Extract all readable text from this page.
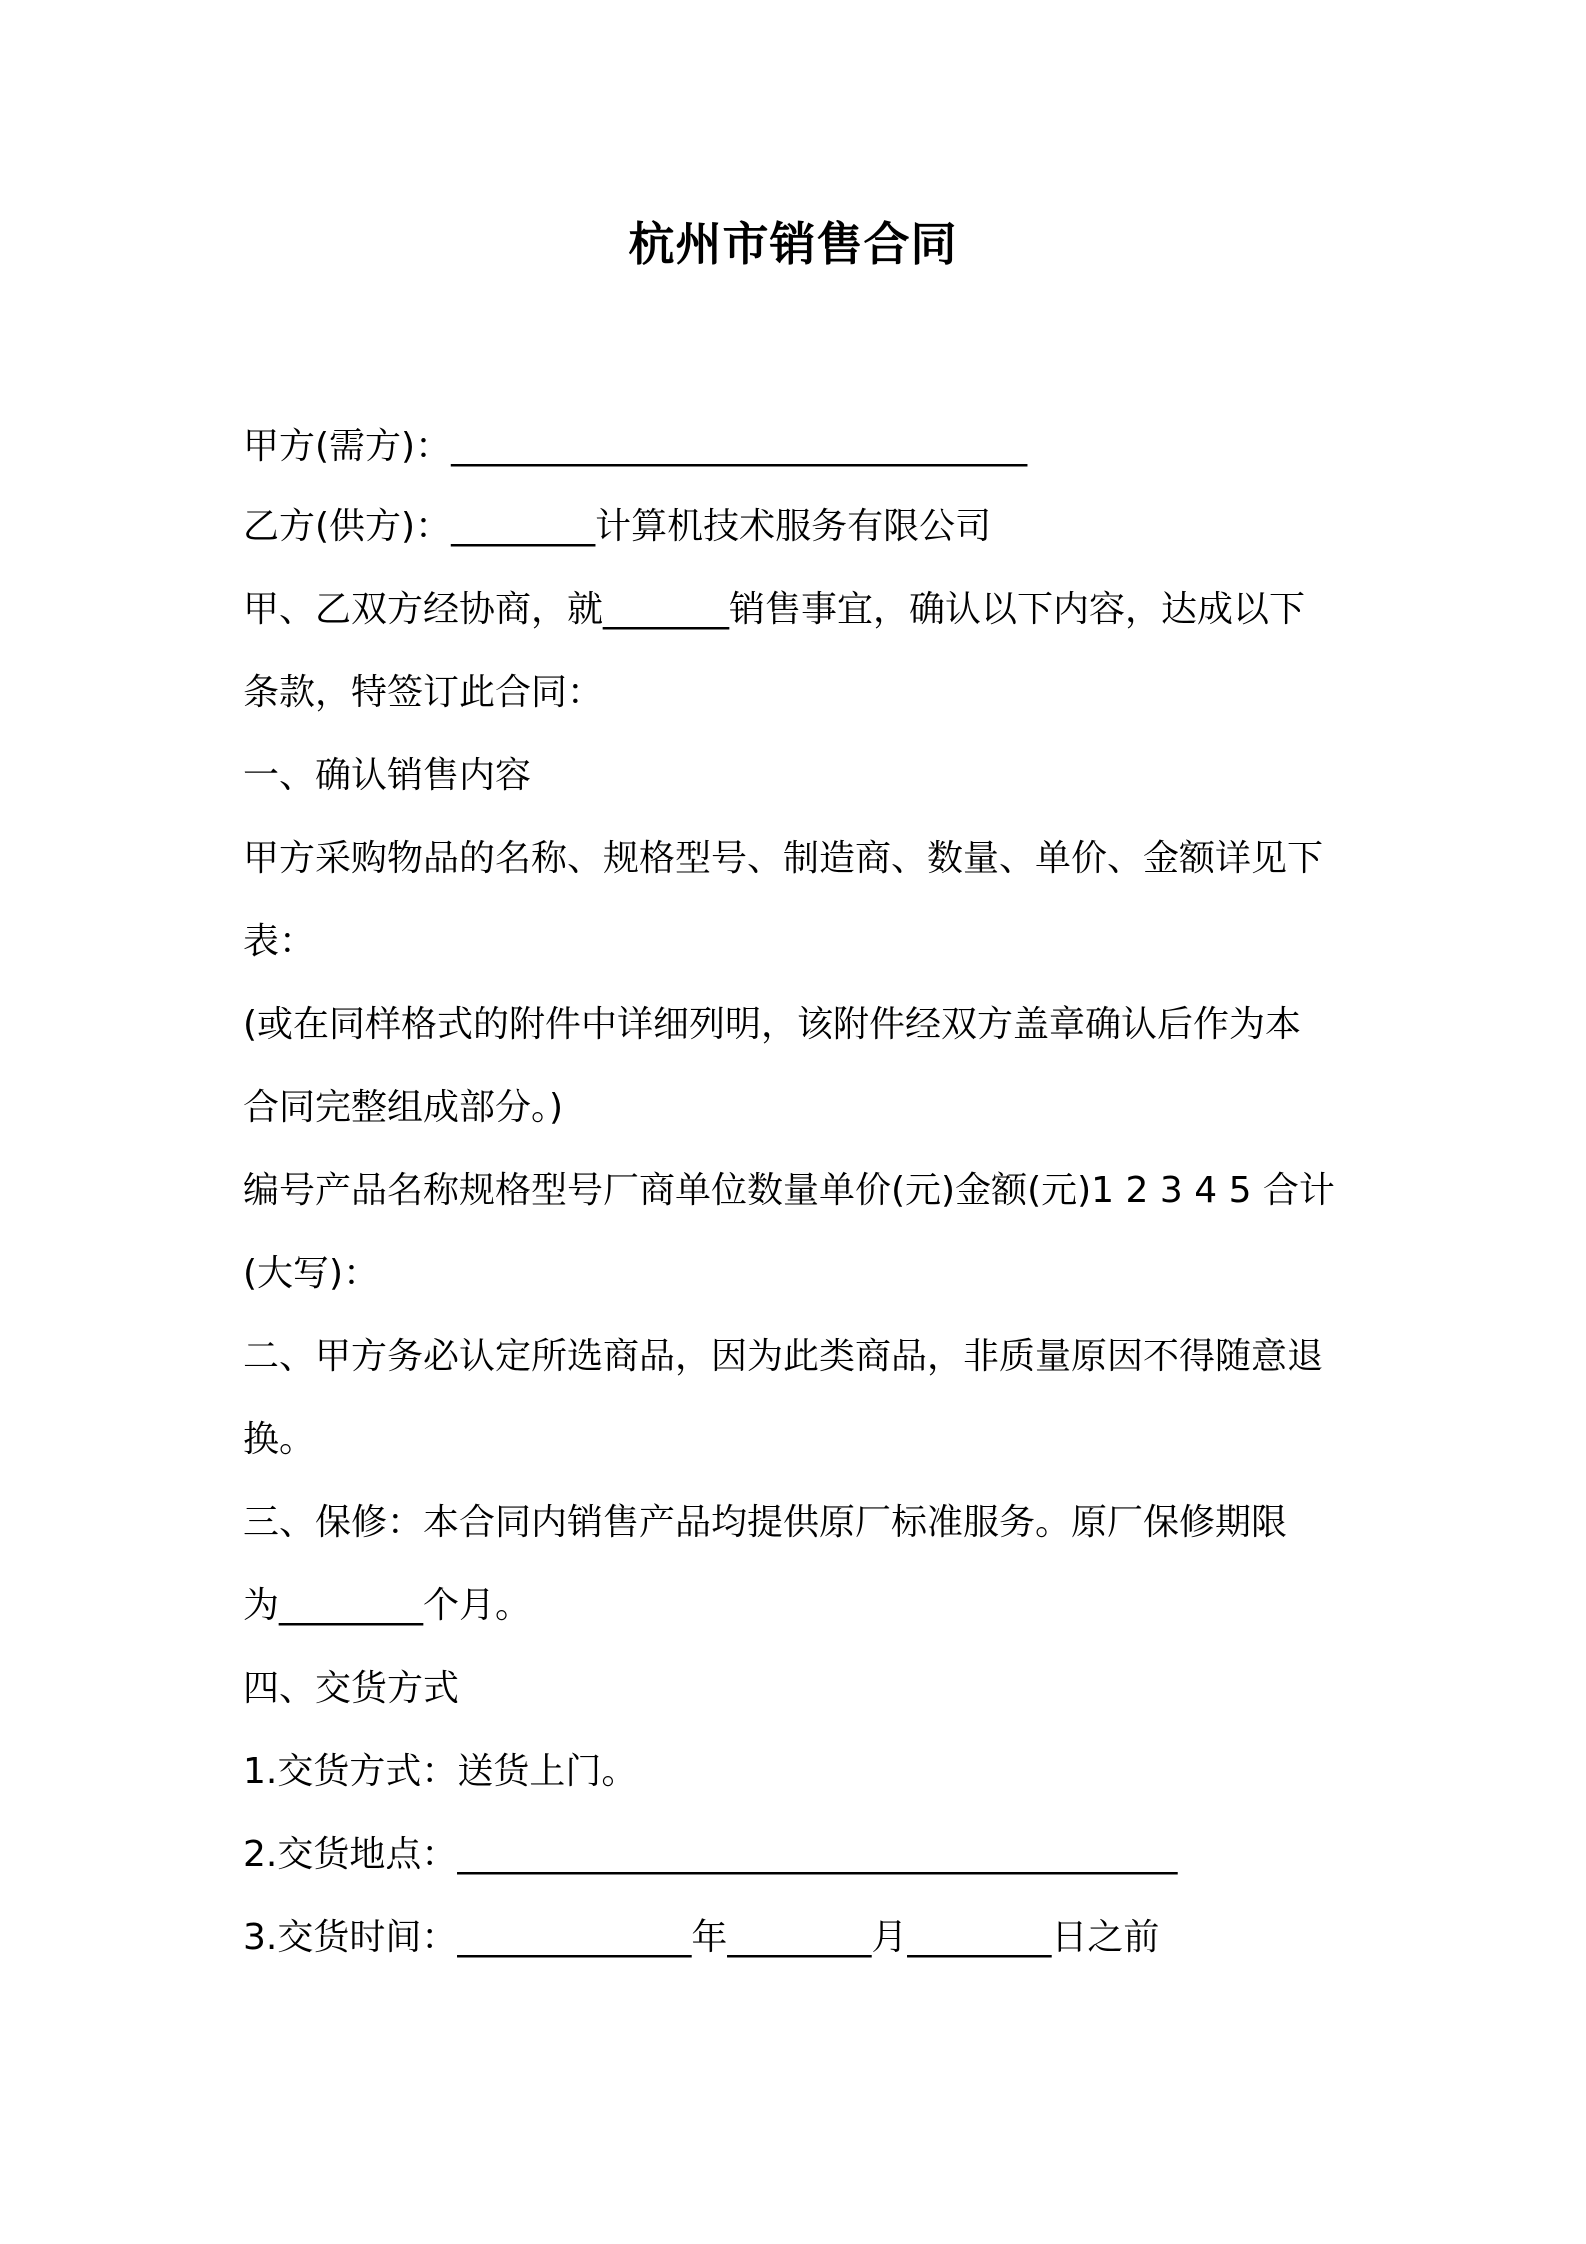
杭州市销售合同
甲方(需方)：________________________________
乙方(供方)：________计算机技术服务有限公司
甲、乙双方经协商，就_______销售事宜，确认以下内容，达成以下
条款，特签订此合同：
一、确认销售内容
甲方采购物品的名称、规格型号、制造商、数量、单价、金额详见下
表：
(或在同样格式的附件中详细列明，该附件经双方盖章确认后作为本
合同完整组成部分。)
编号产品名称规格型号厂商单位数量单价(元)金额(元)1 2 3 4 5 合计
(大写)：
二、甲方务必认定所选商品，因为此类商品，非质量原因不得随意退
换。
三、保修：本合同内销售产品均提供原厂标准服务。原厂保修期限
为________个月。
四、交货方式
1.交货方式：送货上门。
2.交货地点：________________________________________
3.交货时间：_____________年________月________日之前
